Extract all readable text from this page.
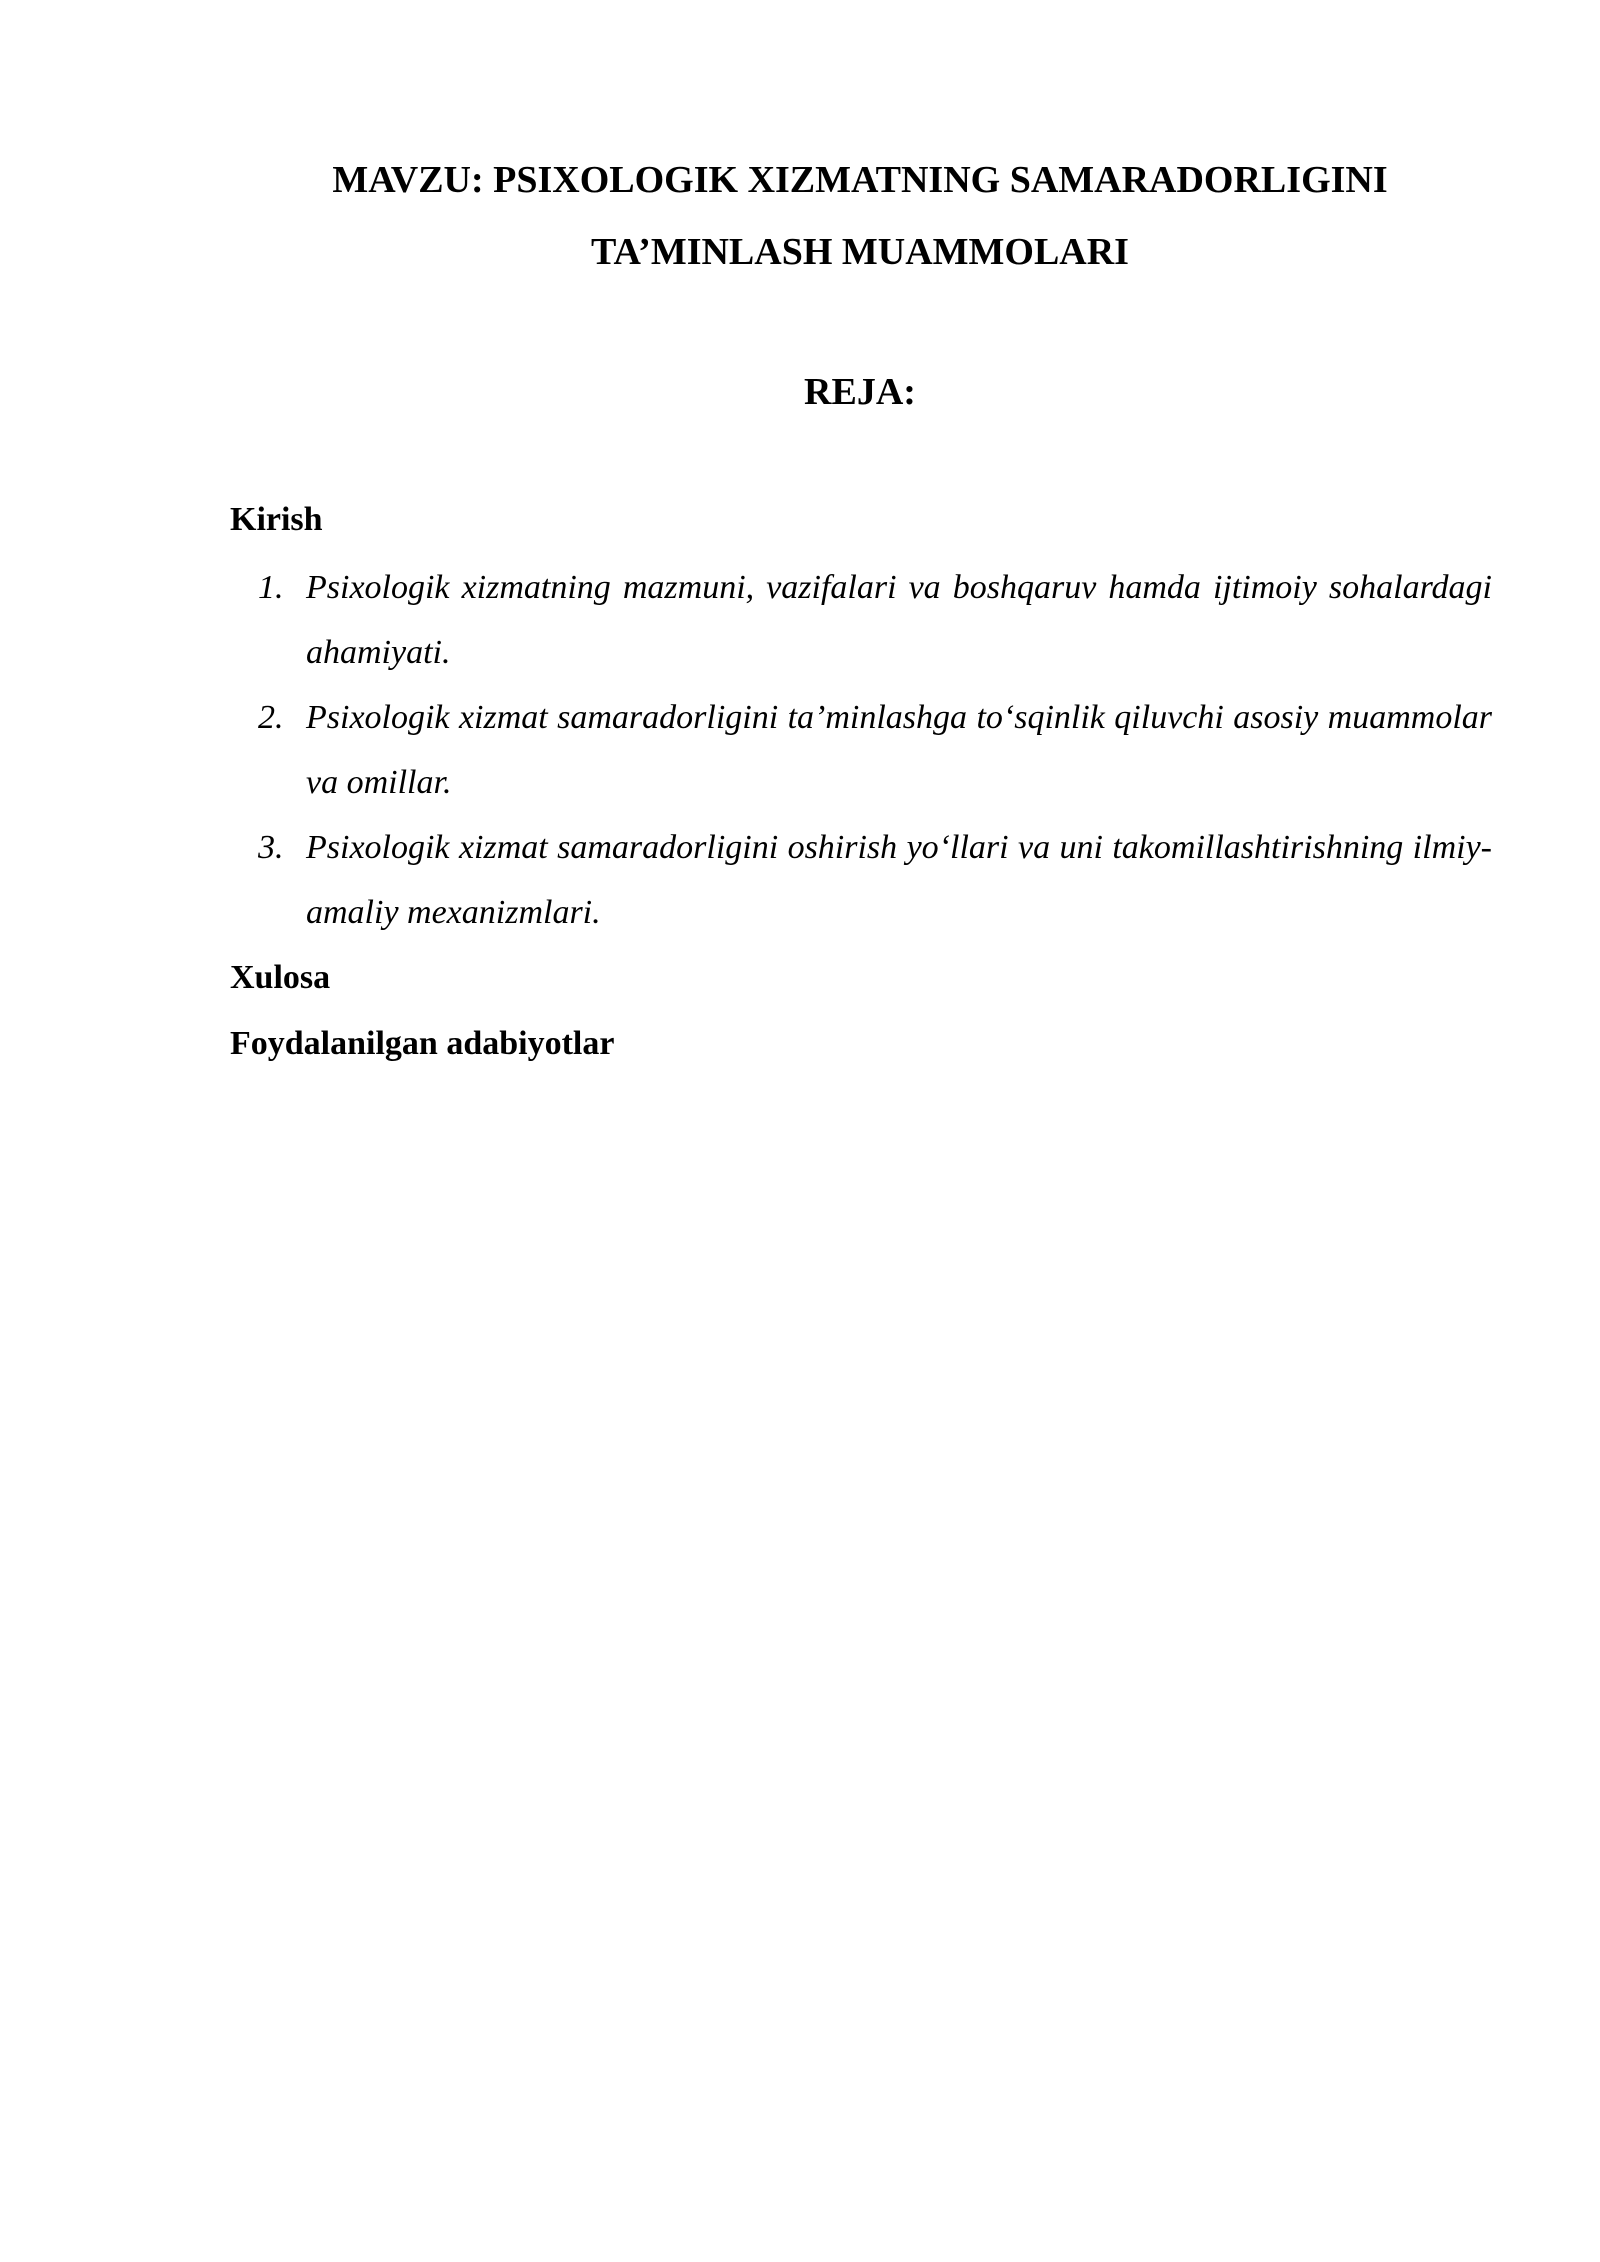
MAVZU: PSIXOLOGIK XIZMATNING SAMARADORLIGINI
TA’MINLASH MUAMMOLARI
REJA:
Kirish
1. Psixologik xizmatning mazmuni, vazifalari va boshqaruv hamda ijtimoiy sohalardagi ahamiyati.
2. Psixologik xizmat samaradorligini ta’minlashga to‘sqinlik qiluvchi asosiy muammolar va omillar.
3. Psixologik xizmat samaradorligini oshirish yo‘llari va uni takomillashtirishning ilmiy-amaliy mexanizmlari.
Xulosa
Foydalanilgan adabiyotlar
